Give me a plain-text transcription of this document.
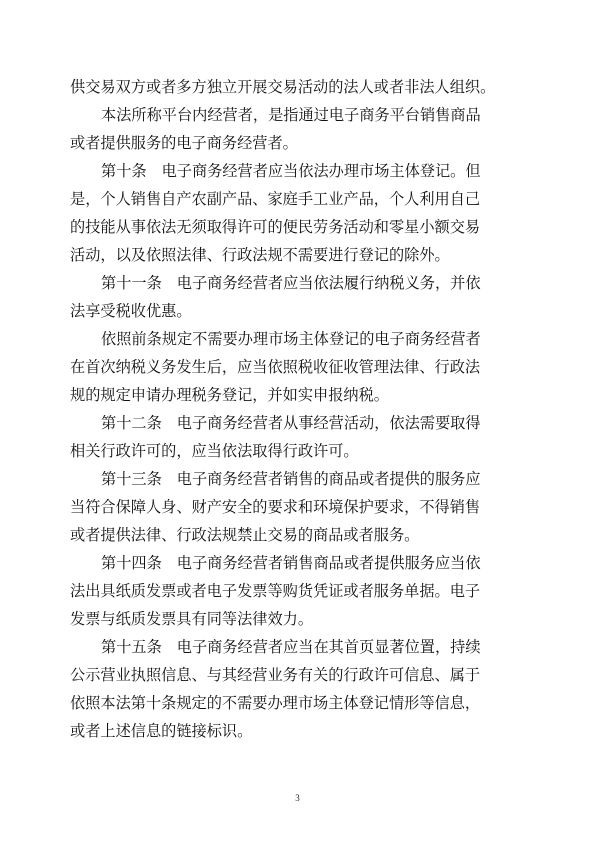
供交易双方或者多方独立开展交易活动的法人或者非法人组织。
本法所称平台内经营者，是指通过电子商务平台销售商品
或者提供服务的电子商务经营者。
第十条 电子商务经营者应当依法办理市场主体登记。但
是，个人销售自产农副产品、家庭手工业产品，个人利用自己
的技能从事依法无须取得许可的便民劳务活动和零星小额交易
活动，以及依照法律、行政法规不需要进行登记的除外。
第十一条 电子商务经营者应当依法履行纳税义务，并依
法享受税收优惠。
依照前条规定不需要办理市场主体登记的电子商务经营者
在首次纳税义务发生后，应当依照税收征收管理法律、行政法
规的规定申请办理税务登记，并如实申报纳税。
第十二条 电子商务经营者从事经营活动，依法需要取得
相关行政许可的，应当依法取得行政许可。
第十三条 电子商务经营者销售的商品或者提供的服务应
当符合保障人身、财产安全的要求和环境保护要求，不得销售
或者提供法律、行政法规禁止交易的商品或者服务。
第十四条 电子商务经营者销售商品或者提供服务应当依
法出具纸质发票或者电子发票等购货凭证或者服务单据。电子
发票与纸质发票具有同等法律效力。
第十五条 电子商务经营者应当在其首页显著位置，持续
公示营业执照信息、与其经营业务有关的行政许可信息、属于
依照本法第十条规定的不需要办理市场主体登记情形等信息，
或者上述信息的链接标识。
3
